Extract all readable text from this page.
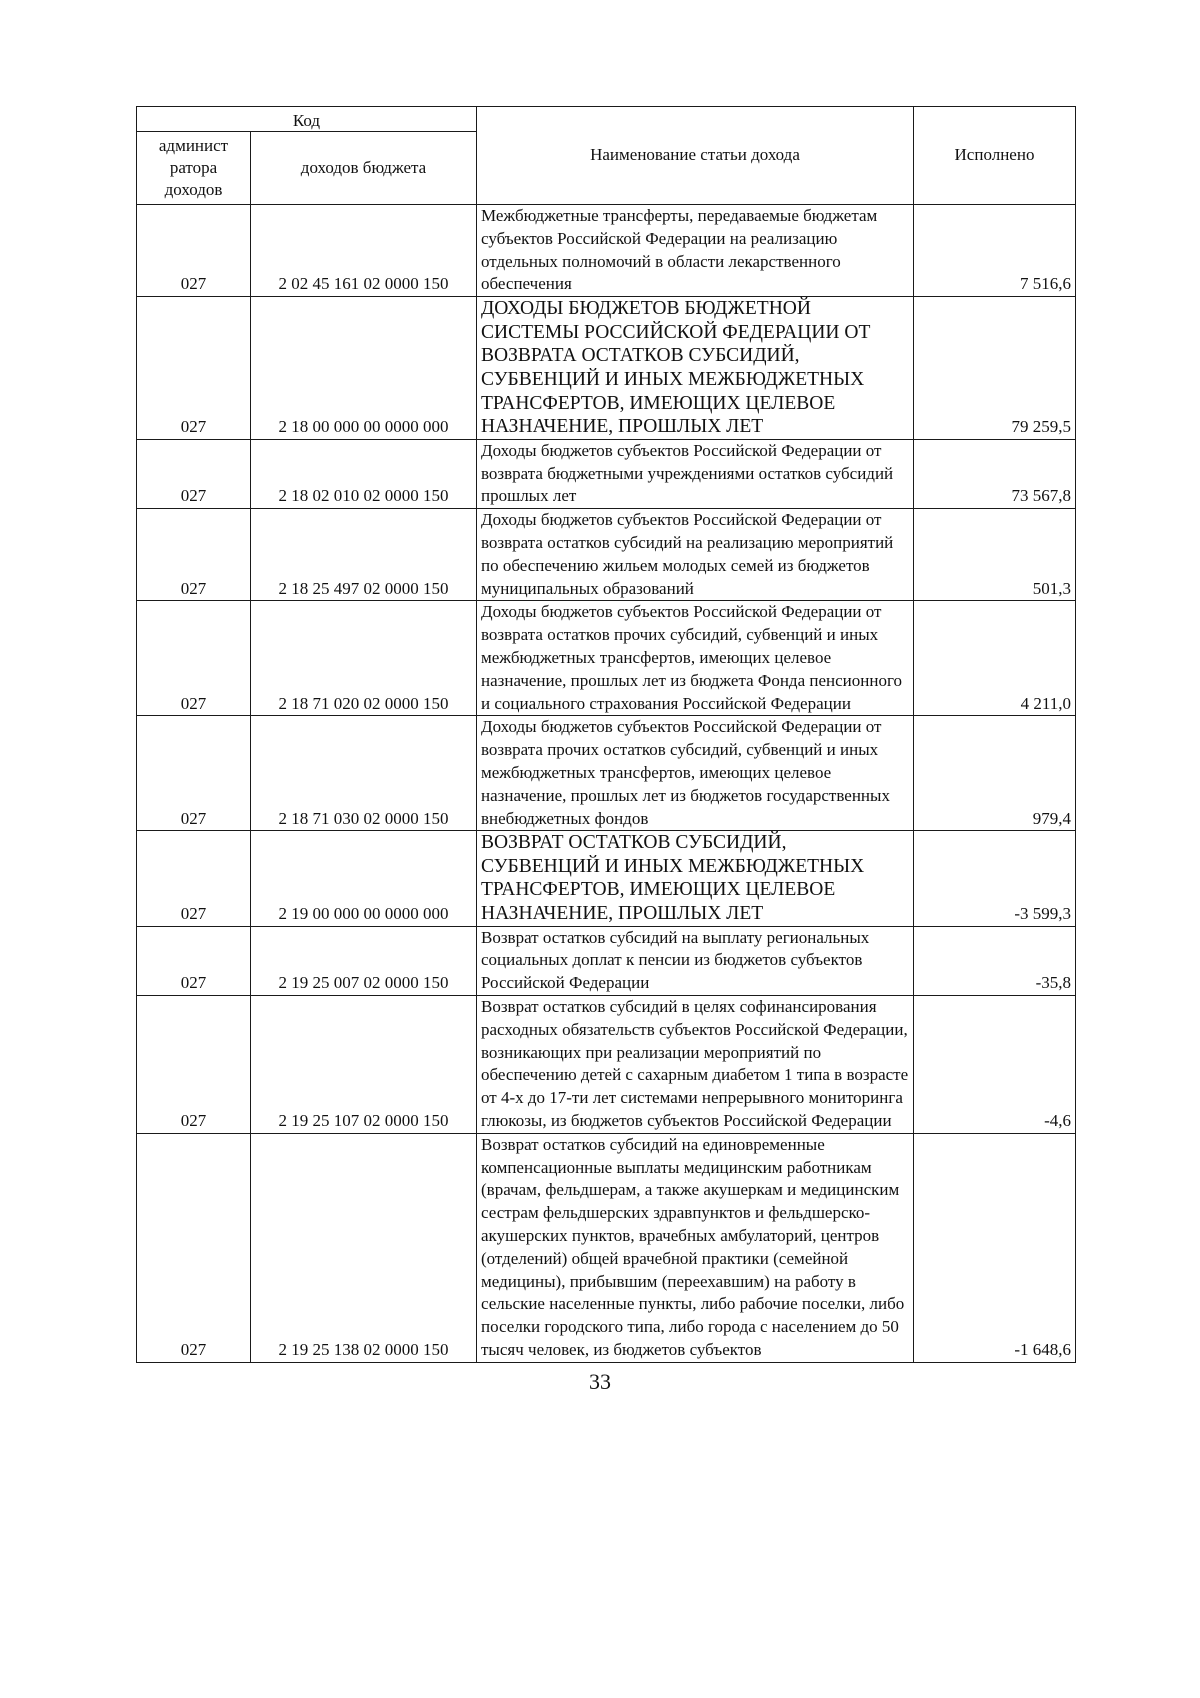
Код		Наименование статьи дохода	Исполнено
админист ратора доходов	доходов бюджета		
027	2 02 45 161 02 0000 150	Межбюджетные трансферты, передаваемые бюджетам субъектов Российской Федерации на реализацию отдельных полномочий в области лекарственного обеспечения	7 516,6
027	2 18 00 000 00 0000 000	ДОХОДЫ БЮДЖЕТОВ БЮДЖЕТНОЙ СИСТЕМЫ РОССИЙСКОЙ ФЕДЕРАЦИИ ОТ ВОЗВРАТА ОСТАТКОВ СУБСИДИЙ, СУБВЕНЦИЙ И ИНЫХ МЕЖБЮДЖЕТНЫХ ТРАНСФЕРТОВ, ИМЕЮЩИХ ЦЕЛЕВОЕ НАЗНАЧЕНИЕ, ПРОШЛЫХ ЛЕТ	79 259,5
027	2 18 02 010 02 0000 150	Доходы бюджетов субъектов Российской Федерации от возврата бюджетными учреждениями остатков субсидий прошлых лет	73 567,8
027	2 18 25 497 02 0000 150	Доходы бюджетов субъектов Российской Федерации от возврата остатков субсидий на реализацию мероприятий по обеспечению жильем молодых семей из бюджетов муниципальных образований	501,3
027	2 18 71 020 02 0000 150	Доходы бюджетов субъектов Российской Федерации от возврата остатков прочих субсидий, субвенций и иных межбюджетных трансфертов, имеющих целевое назначение, прошлых лет из бюджета Фонда пенсионного и социального страхования Российской Федерации	4 211,0
027	2 18 71 030 02 0000 150	Доходы бюджетов субъектов Российской Федерации от возврата прочих остатков субсидий, субвенций и иных межбюджетных трансфертов, имеющих целевое назначение, прошлых лет из бюджетов государственных внебюджетных фондов	979,4
027	2 19 00 000 00 0000 000	ВОЗВРАТ ОСТАТКОВ СУБСИДИЙ, СУБВЕНЦИЙ И ИНЫХ МЕЖБЮДЖЕТНЫХ ТРАНСФЕРТОВ, ИМЕЮЩИХ ЦЕЛЕВОЕ НАЗНАЧЕНИЕ, ПРОШЛЫХ ЛЕТ	-3 599,3
027	2 19 25 007 02 0000 150	Возврат остатков субсидий на выплату региональных социальных доплат к пенсии из бюджетов субъектов Российской Федерации	-35,8
027	2 19 25 107 02 0000 150	Возврат остатков субсидий в целях софинансирования расходных обязательств субъектов Российской Федерации, возникающих при реализации мероприятий по обеспечению детей с сахарным диабетом 1 типа в возрасте от 4-х до 17-ти лет системами непрерывного мониторинга глюкозы, из бюджетов субъектов Российской Федерации	-4,6
027	2 19 25 138 02 0000 150	Возврат остатков субсидий на единовременные компенсационные выплаты медицинским работникам (врачам, фельдшерам, а также акушеркам и медицинским сестрам фельдшерских здравпунктов и фельдшерско-акушерских пунктов, врачебных амбулаторий, центров (отделений) общей врачебной практики (семейной медицины), прибывшим (переехавшим) на работу в сельские населенные пункты, либо рабочие поселки, либо поселки городского типа, либо города с населением до 50 тысяч человек, из бюджетов субъектов	-1 648,6
33
